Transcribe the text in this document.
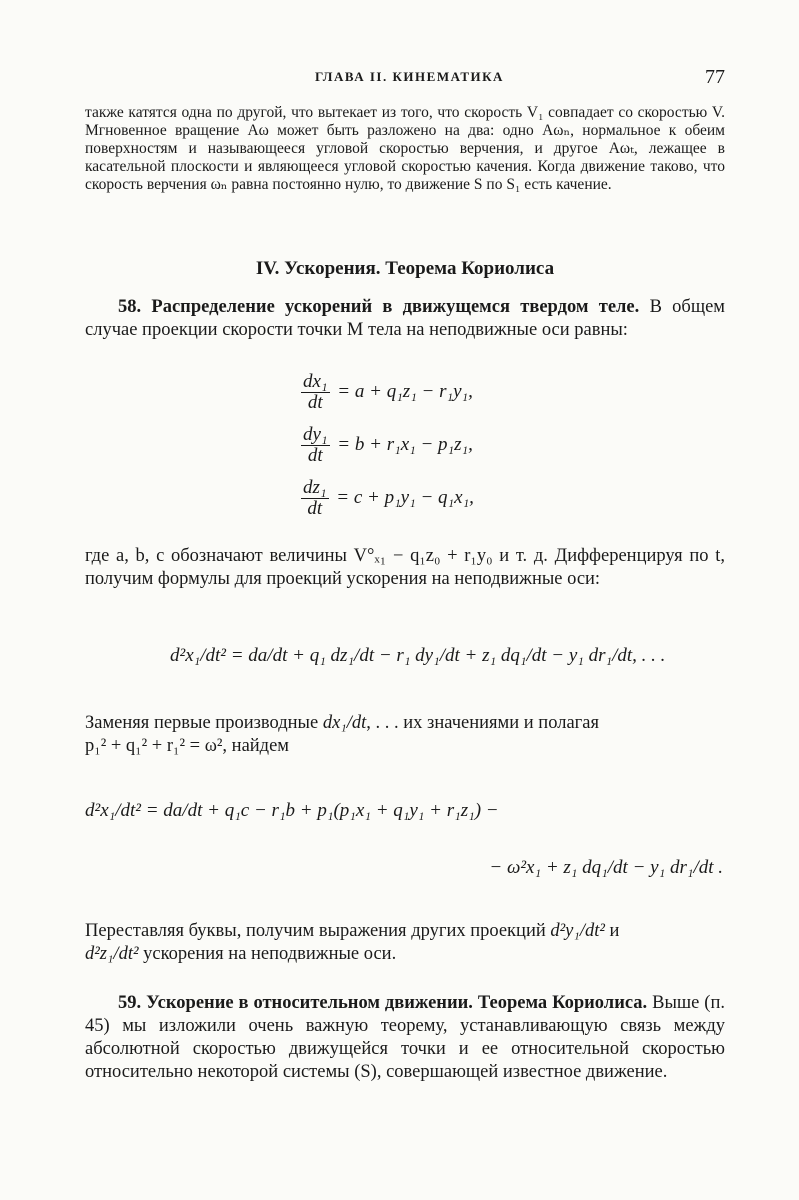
ГЛАВА II. КИНЕМАТИКА	77

также катятся одна по другой, что вытекает из того, что скорость V₁ совпадает со скоростью V. Мгновенное вращение Aω может быть разложено на два: одно Aωₙ, нормальное к обеим поверхностям и называющееся угловой скоростью верчения, и другое Aωₜ, лежащее в касательной плоскости и являющееся угловой скоростью качения. Когда движение таково, что скорость верчения ωₙ равна постоянно нулю, то движение S по S₁ есть качение.

IV. Ускорения. Теорема Кориолиса

58. Распределение ускорений в движущемся твердом теле. В общем случае проекции скорости точки M тела на неподвижные оси равны:

$\frac{\text{dx₁}}{dt} = a + q_1z_1 - r_1y_1$,
$\frac{\text{dy₁}}{dt} = b + r_1x_1 - p_1z_1$,
$\frac{\text{dz₁}}{dt} = c + p_1y_1 - q_1x_1$,

где a, b, c обозначают величины V°ₓ₁ − q₁z₀ + r₁y₀ и т. д. Дифференцируя по t, получим формулы для проекций ускорения на неподвижные оси:

d²x₁/dt² = da/dt + q₁ dz₁/dt − r₁ dy₁/dt + z₁ dq₁/dt − y₁ dr₁/dt, . . .

Заменяя первые производные dx₁/dt, . . . их значениями и полагая

p₁² + q₁² + r₁² = ω², найдем

d²x₁/dt² = da/dt + q₁c − r₁b + p₁(p₁x₁ + q₁y₁ + r₁z₁) −
− ω²x₁ + z₁ dq₁/dt − y₁ dr₁/dt .

Переставляя буквы, получим выражения других проекций d²y₁/dt² и

d²z₁/dt² ускорения на неподвижные оси.

59. Ускорение в относительном движении. Теорема Кориолиса. Выше (п. 45) мы изложили очень важную теорему, устанавливающую связь между абсолютной скоростью движущейся точки и ее относительной скоростью относительно некоторой системы (S), совершающей известное движение.
